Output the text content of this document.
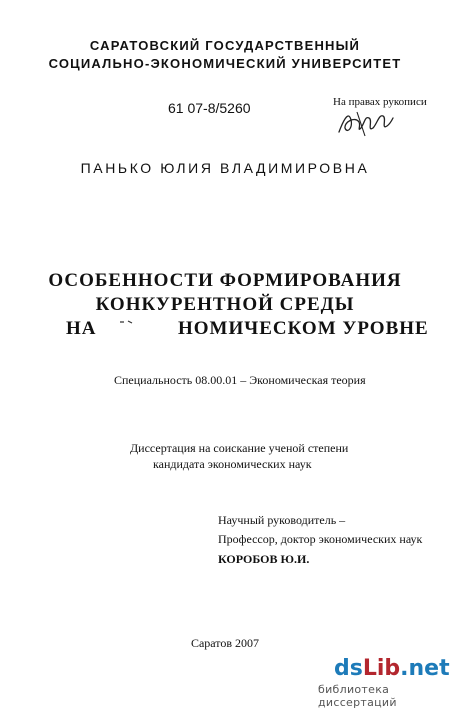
САРАТОВСКИЙ ГОСУДАРСТВЕННЫЙ
СОЦИАЛЬНО-ЭКОНОМИЧЕСКИЙ УНИВЕРСИТЕТ
61 07-8/5260	На правах рукописи
ПАНЬКО ЮЛИЯ ВЛАДИМИРОВНА
ОСОБЕННОСТИ ФОРМИРОВАНИЯ
КОНКУРЕНТНОЙ СРЕДЫ
НА	НОМИЧЕСКОМ УРОВНЕ
Специальность 08.00.01 – Экономическая теория
Диссертация на соискание ученой степени
кандидата экономических наук
Научный руководитель –
Профессор, доктор экономических наук
КОРОБОВ Ю.И.
Саратов 2007
dsLib.net
библиотека диссертаций
